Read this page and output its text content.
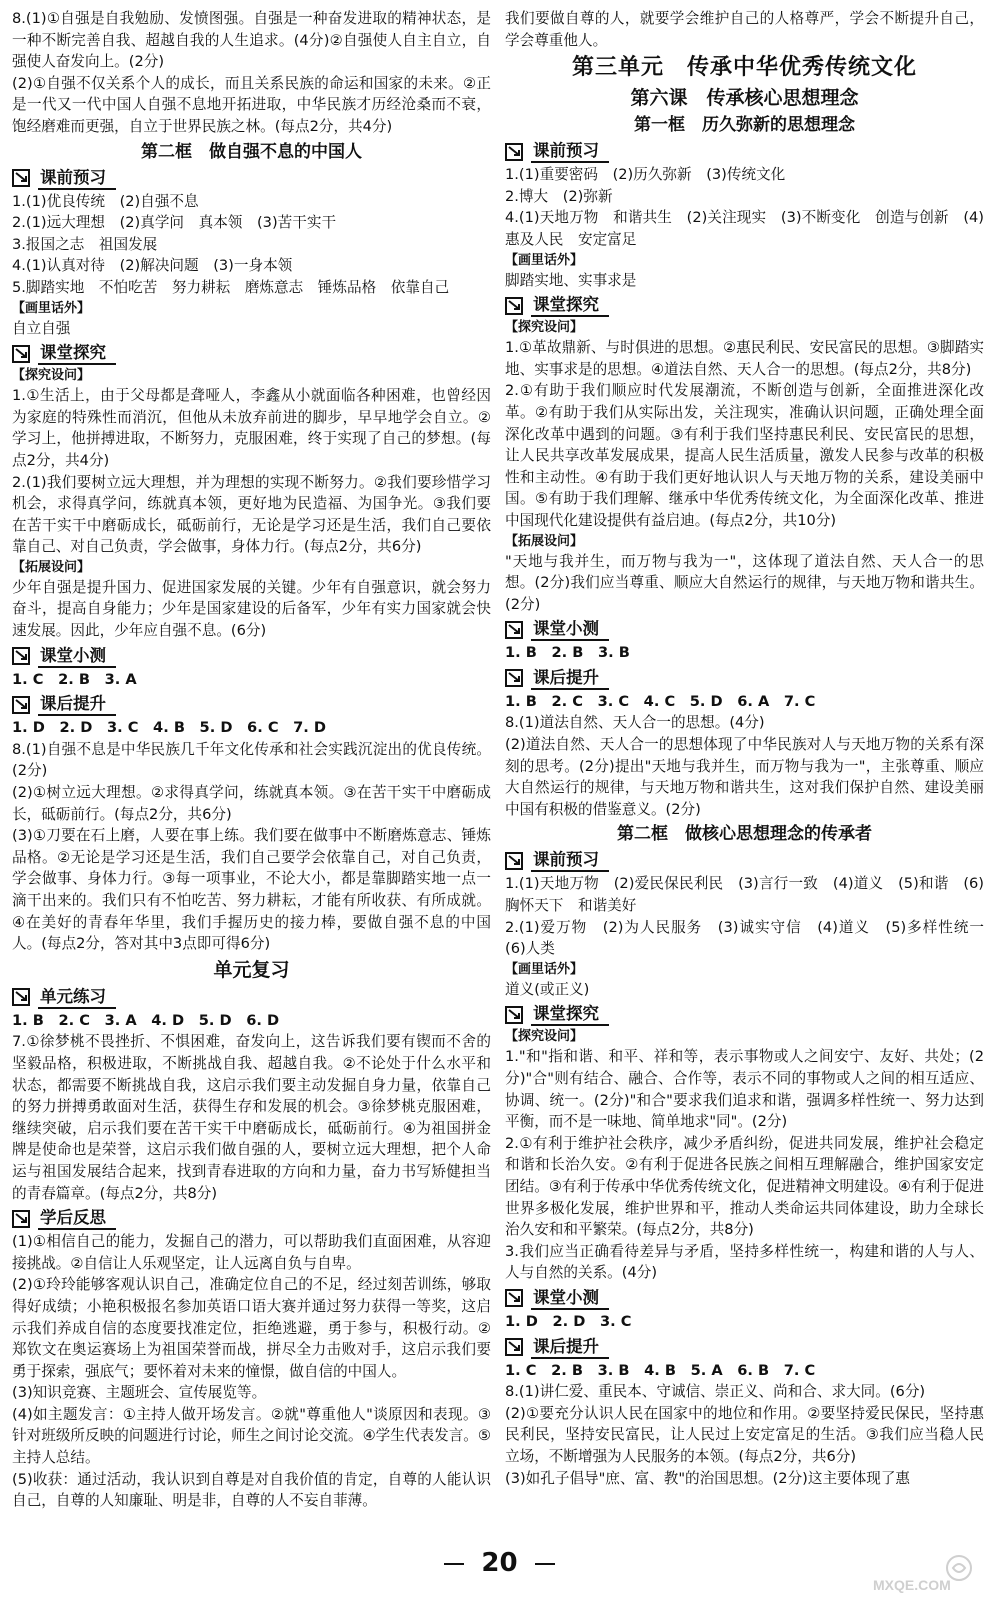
8.(1)①自强是自我勉励、发愤图强。自强是一种奋发进取的精神状态，是一种不断完善自我、超越自我的人生追求。(4分)②自强使人自主自立，自强使人奋发向上。(2分)

(2)①自强不仅关系个人的成长，而且关系民族的命运和国家的未来。②正是一代又一代中国人自强不息地开拓进取，中华民族才历经沧桑而不衰，饱经磨难而更强，自立于世界民族之林。(每点2分，共4分)

第二框　做自强不息的中国人
课前预习

1.(1)优良传统　(2)自强不息

2.(1)远大理想　(2)真学问　真本领　(3)苦干实干

3.报国之志　祖国发展

4.(1)认真对待　(2)解决问题　(3)一身本领

5.脚踏实地　不怕吃苦　努力耕耘　磨炼意志　锤炼品格　依靠自己

【画里话外】

自立自强

课堂探究

【探究设问】

1.①生活上，由于父母都是聋哑人，李鑫从小就面临各种困难，也曾经因为家庭的特殊性而消沉，但他从未放弃前进的脚步，早早地学会自立。②学习上，他拼搏进取，不断努力，克服困难，终于实现了自己的梦想。(每点2分，共4分)

2.(1)我们要树立远大理想，并为理想的实现不断努力。②我们要珍惜学习机会，求得真学问，练就真本领，更好地为民造福、为国争光。③我们要在苦干实干中磨砺成长，砥砺前行，无论是学习还是生活，我们自己要依靠自己、对自己负责，学会做事，身体力行。(每点2分，共6分)

【拓展设问】

少年自强是提升国力、促进国家发展的关键。少年有自强意识，就会努力奋斗，提高自身能力；少年是国家建设的后备军，少年有实力国家就会快速发展。因此，少年应自强不息。(6分)

课堂小测

1. C　2. B　3. A

课后提升

1. D　2. D　3. C　4. B　5. D　6. C　7. D

8.(1)自强不息是中华民族几千年文化传承和社会实践沉淀出的优良传统。(2分)

(2)①树立远大理想。②求得真学问，练就真本领。③在苦干实干中磨砺成长，砥砺前行。(每点2分，共6分)

(3)①刀要在石上磨，人要在事上练。我们要在做事中不断磨炼意志、锤炼品格。②无论是学习还是生活，我们自己要学会依靠自己，对自己负责，学会做事、身体力行。③每一项事业，不论大小，都是靠脚踏实地一点一滴干出来的。我们只有不怕吃苦、努力耕耘，才能有所收获、有所成就。④在美好的青春年华里，我们手握历史的接力棒，要做自强不息的中国人。(每点2分，答对其中3点即可得6分)

单元复习
单元练习

1. B　2. C　3. A　4. D　5. D　6. D

7.①徐梦桃不畏挫折、不惧困难，奋发向上，这告诉我们要有锲而不舍的坚毅品格，积极进取，不断挑战自我、超越自我。②不论处于什么水平和状态，都需要不断挑战自我，这启示我们要主动发掘自身力量，依靠自己的努力拼搏勇敢面对生活，获得生存和发展的机会。③徐梦桃克服困难，继续突破，启示我们要在苦干实干中磨砺成长，砥砺前行。④为祖国拼金牌是使命也是荣誉，这启示我们做自强的人，要树立远大理想，把个人命运与祖国发展结合起来，找到青春进取的方向和力量，奋力书写矫健担当的青春篇章。(每点2分，共8分)

学后反思

(1)①相信自己的能力，发掘自己的潜力，可以帮助我们直面困难，从容迎接挑战。②自信让人乐观坚定，让人远离自负与自卑。

(2)①玲玲能够客观认识自己，准确定位自己的不足，经过刻苦训练，够取得好成绩；小艳积极报名参加英语口语大赛并通过努力获得一等奖，这启示我们养成自信的态度要找准定位，拒绝逃避，勇于参与，积极行动。②郑钦文在奥运赛场上为祖国荣誉而战，拼尽全力击败对手，这启示我们要勇于探索，强底气；要怀着对未来的憧憬，做自信的中国人。

(3)知识竞赛、主题班会、宣传展览等。

(4)如主题发言：①主持人做开场发言。②就"尊重他人"谈原因和表现。③针对班级所反映的问题进行讨论，师生之间讨论交流。④学生代表发言。⑤主持人总结。

(5)收获：通过活动，我认识到自尊是对自我价值的肯定，自尊的人能认识自己，自尊的人知廉耻、明是非，自尊的人不妄自菲薄。

我们要做自尊的人，就要学会维护自己的人格尊严，学会不断提升自己，学会尊重他人。

第三单元　传承中华优秀传统文化
第六课　传承核心思想理念
第一框　历久弥新的思想理念
课前预习

1.(1)重要密码　(2)历久弥新　(3)传统文化

2.博大　(2)弥新

4.(1)天地万物　和谐共生　(2)关注现实　(3)不断变化　创造与创新　(4)惠及人民　安定富足

【画里话外】

脚踏实地、实事求是

课堂探究

【探究设问】

1.①革故鼎新、与时俱进的思想。②惠民利民、安民富民的思想。③脚踏实地、实事求是的思想。④道法自然、天人合一的思想。(每点2分，共8分)

2.①有助于我们顺应时代发展潮流，不断创造与创新，全面推进深化改革。②有助于我们从实际出发，关注现实，准确认识问题，正确处理全面深化改革中遇到的问题。③有利于我们坚持惠民利民、安民富民的思想，让人民共享改革发展成果，提高人民生活质量，激发人民参与改革的积极性和主动性。④有助于我们更好地认识人与天地万物的关系，建设美丽中国。⑤有助于我们理解、继承中华优秀传统文化，为全面深化改革、推进中国现代化建设提供有益启迪。(每点2分，共10分)

【拓展设问】

"天地与我并生，而万物与我为一"，这体现了道法自然、天人合一的思想。(2分)我们应当尊重、顺应大自然运行的规律，与天地万物和谐共生。(2分)

课堂小测

1. B　2. B　3. B

课后提升

1. B　2. C　3. C　4. C　5. D　6. A　7. C

8.(1)道法自然、天人合一的思想。(4分)

(2)道法自然、天人合一的思想体现了中华民族对人与天地万物的关系有深刻的思考。(2分)提出"天地与我并生，而万物与我为一"，主张尊重、顺应大自然运行的规律，与天地万物和谐共生，这对我们保护自然、建设美丽中国有积极的借鉴意义。(2分)

第二框　做核心思想理念的传承者
课前预习

1.(1)天地万物　(2)爱民保民利民　(3)言行一致　(4)道义　(5)和谐　(6)胸怀天下　和谐美好

2.(1)爱万物　(2)为人民服务　(3)诚实守信　(4)道义　(5)多样性统一　(6)人类

【画里话外】

道义(或正义)

课堂探究

【探究设问】

1."和"指和谐、和平、祥和等，表示事物或人之间安宁、友好、共处；(2分)"合"则有结合、融合、合作等，表示不同的事物或人之间的相互适应、协调、统一。(2分)"和合"要求我们追求和谐，强调多样性统一、努力达到平衡，而不是一味地、简单地求"同"。(2分)

2.①有利于维护社会秩序，减少矛盾纠纷，促进共同发展，维护社会稳定和谐和长治久安。②有利于促进各民族之间相互理解融合，维护国家安定团结。③有利于传承中华优秀传统文化，促进精神文明建设。④有利于促进世界多极化发展，维护世界和平，推动人类命运共同体建设，助力全球长治久安和和平繁荣。(每点2分，共8分)

3.我们应当正确看待差异与矛盾，坚持多样性统一，构建和谐的人与人、人与自然的关系。(4分)

课堂小测

1. D　2. D　3. C

课后提升

1. C　2. B　3. B　4. B　5. A　6. B　7. C

8.(1)讲仁爱、重民本、守诚信、崇正义、尚和合、求大同。(6分)

(2)①要充分认识人民在国家中的地位和作用。②要坚持爱民保民，坚持惠民利民，坚持安民富民，让人民过上安定富足的生活。③我们应当稳人民立场，不断增强为人民服务的本领。(每点2分，共6分)

(3)如孔子倡导"庶、富、教"的治国思想。(2分)这主要体现了惠

20
MXQE.COM
